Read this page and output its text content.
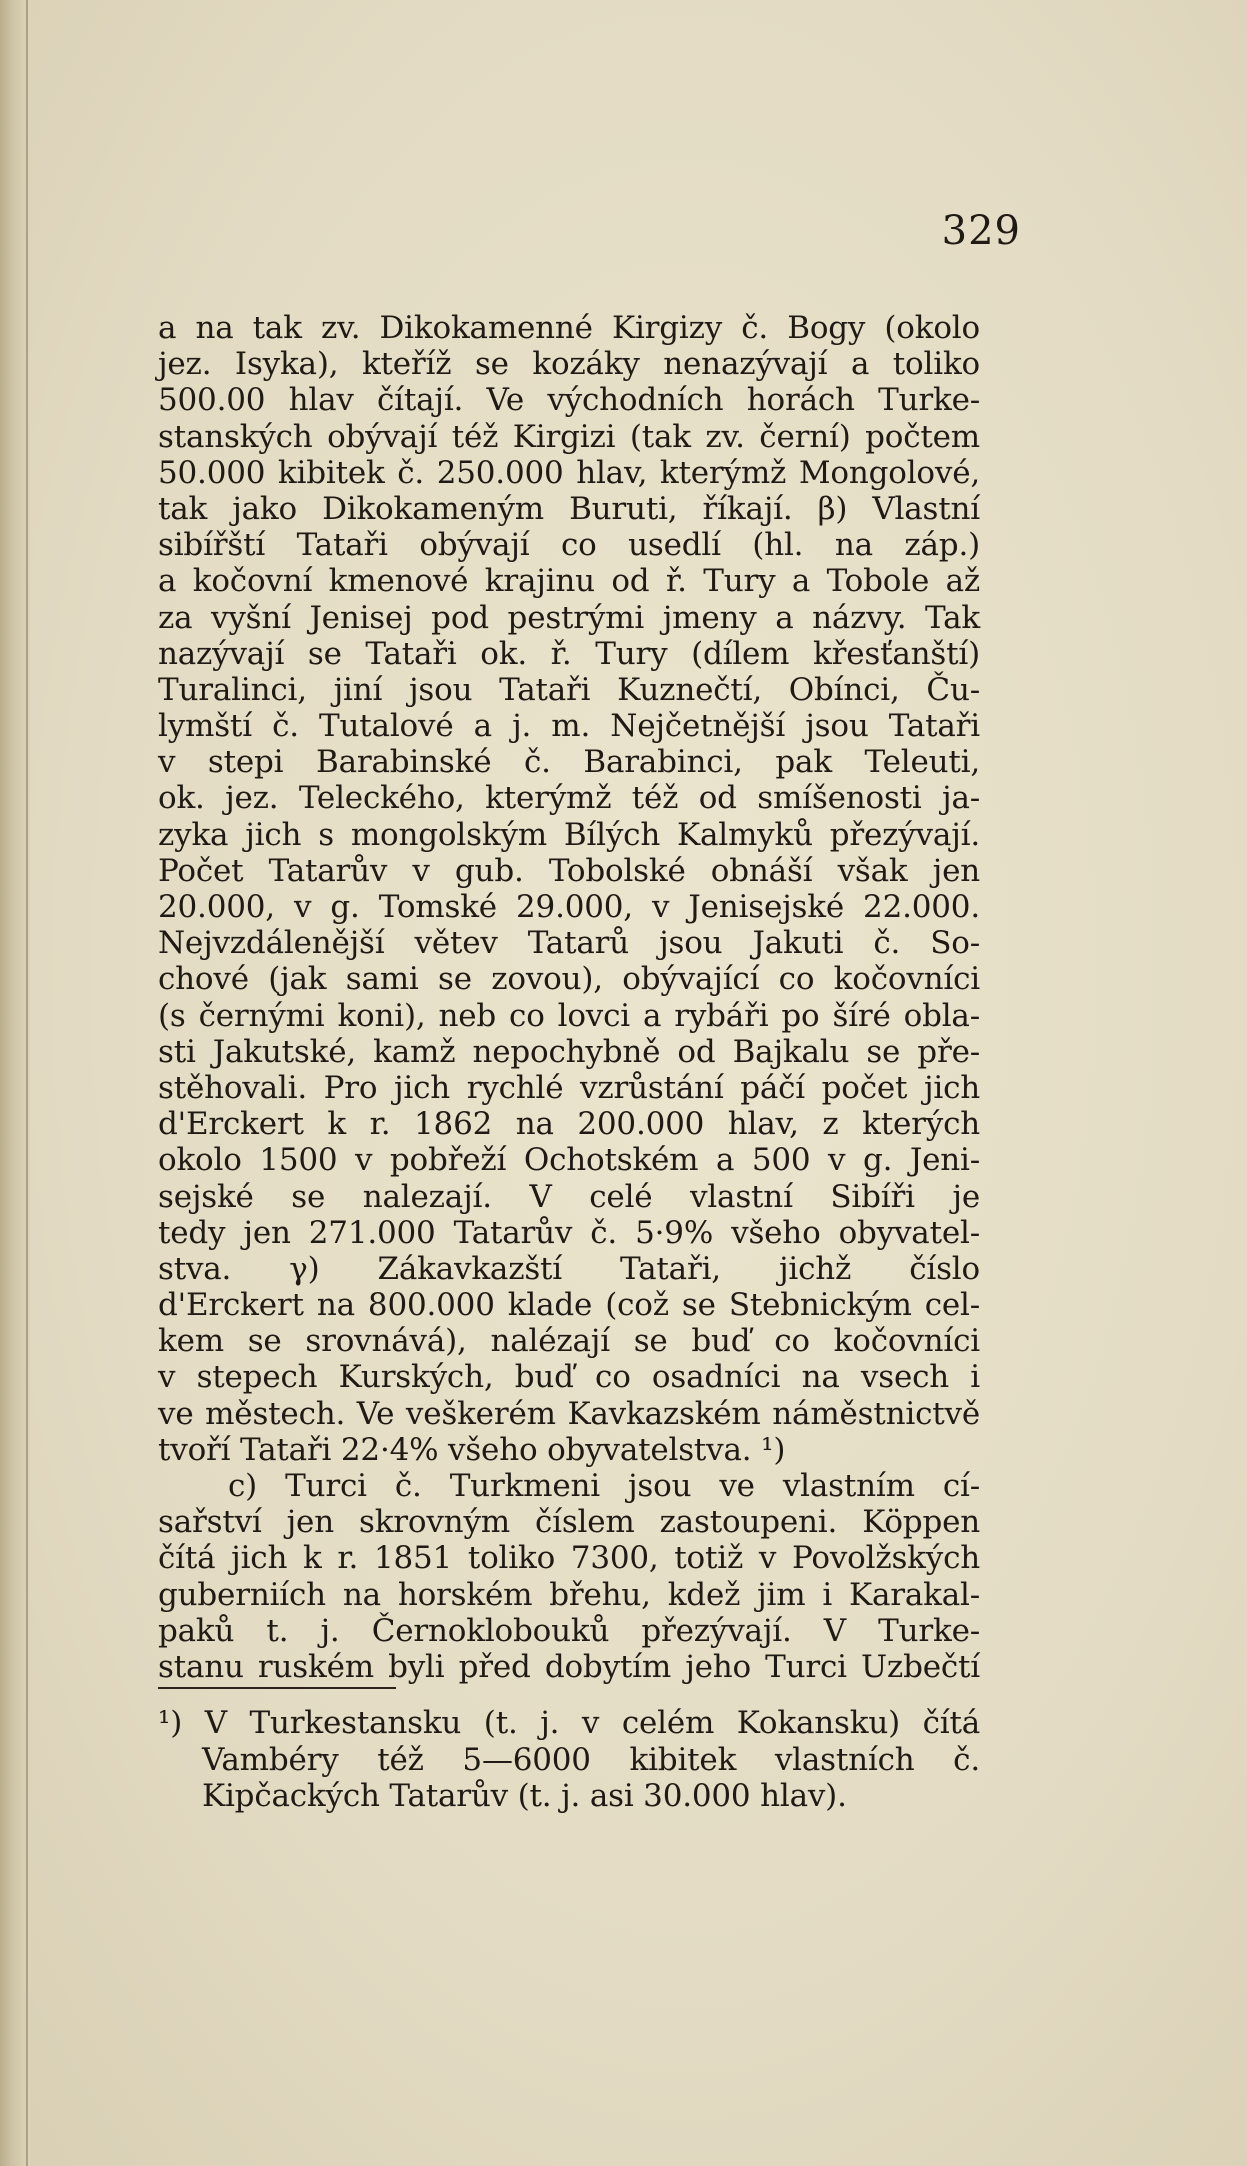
329
a na tak zv. Dikokamenné Kirgizy č. Bogy (okolo
jez. Isyka), kteříž se kozáky nenazývají a toliko
500.00 hlav čítají. Ve východních horách Turke-
stanských obývají též Kirgizi (tak zv. černí) počtem
50.000 kibitek č. 250.000 hlav, kterýmž Mongolové,
tak jako Dikokameným Buruti, říkají. β) Vlastní
sibířští Tataři obývají co usedlí (hl. na záp.)
a kočovní kmenové krajinu od ř. Tury a Tobole až
za vyšní Jenisej pod pestrými jmeny a názvy. Tak
nazývají se Tataři ok. ř. Tury (dílem křesťanští)
Turalinci, jiní jsou Tataři Kuznečtí, Obínci, Ču-
lymští č. Tutalové a j. m. Nejčetnější jsou Tataři
v stepi Barabinské č. Barabinci, pak Teleuti,
ok. jez. Teleckého, kterýmž též od smíšenosti ja-
zyka jich s mongolským Bílých Kalmyků přezývají.
Počet Tatarův v gub. Tobolské obnáší však jen
20.000, v g. Tomské 29.000, v Jenisejské 22.000.
Nejvzdálenější větev Tatarů jsou Jakuti č. So-
chové (jak sami se zovou), obývající co kočovníci
(s černými koni), neb co lovci a rybáři po šíré obla-
sti Jakutské, kamž nepochybně od Bajkalu se pře-
stěhovali. Pro jich rychlé vzrůstání páčí počet jich
d'Erckert k r. 1862 na 200.000 hlav, z kterých
okolo 1500 v pobřeží Ochotském a 500 v g. Jeni-
sejské se nalezají. V celé vlastní Sibíři je
tedy jen 271.000 Tatarův č. 5·9% všeho obyvatel-
stva. γ) Zákavkazští Tataři, jichž číslo
d'Erckert na 800.000 klade (což se Stebnickým cel-
kem se srovnává), nalézají se buď co kočovníci
v stepech Kurských, buď co osadníci na vsech i
ve městech. Ve veškerém Kavkazském náměstnictvě
tvoří Tataři 22·4% všeho obyvatelstva. ¹)
c) Turci č. Turkmeni jsou ve vlastním cí-
sařství jen skrovným číslem zastoupeni. Köppen
čítá jich k r. 1851 toliko 7300, totiž v Povolžských
guberniích na horském břehu, kdež jim i Karakal-
paků t. j. Černoklobouků přezývají. V Turke-
stanu ruském byli před dobytím jeho Turci Uzbečtí
¹) V Turkestansku (t. j. v celém Kokansku) čítá
Vambéry též 5—6000 kibitek vlastních č.
Kipčackých Tatarův (t. j. asi 30.000 hlav).
